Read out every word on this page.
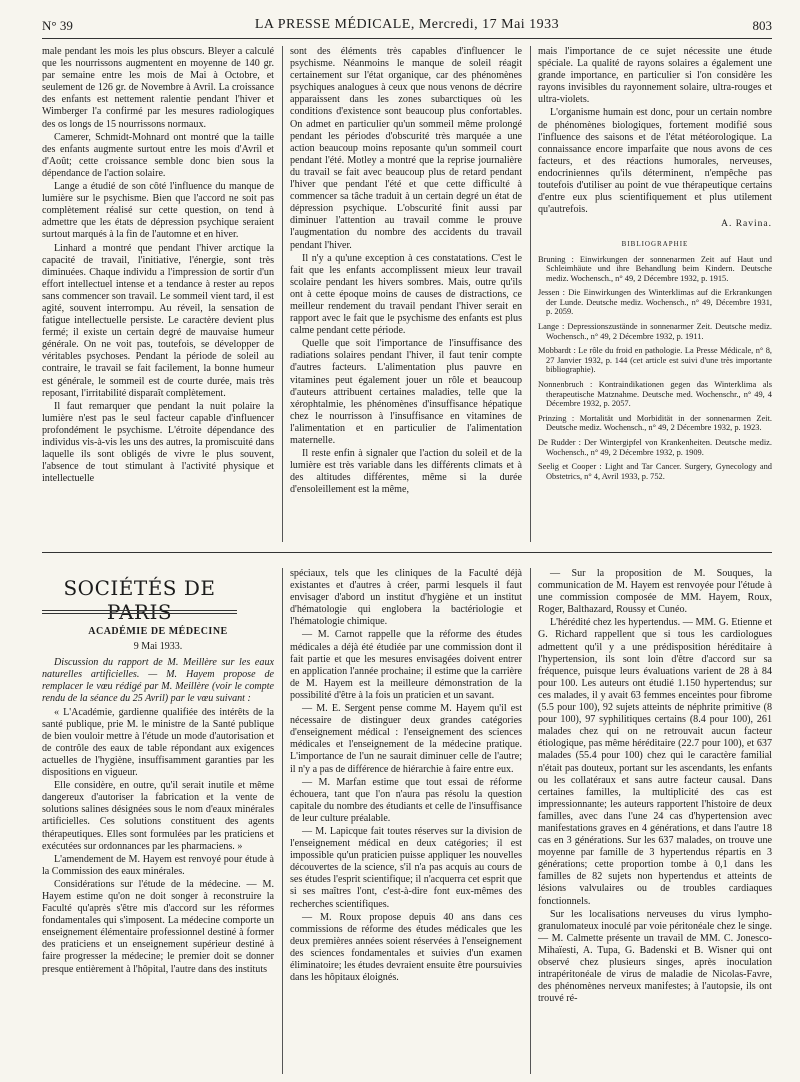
N° 39	LA PRESSE MÉDICALE, Mercredi, 17 Mai 1933	803

male pendant les mois les plus obscurs. Bleyer a calculé que les nourrissons augmentent en moyenne de 140 gr. par semaine entre les mois de Mai à Octobre, et seulement de 126 gr. de Novembre à Avril. La croissance des enfants est nettement ralentie pendant l'hiver et Wimberger l'a confirmé par les mesures radiologiques des os longs de 15 nourrissons normaux.

Camerer, Schmidt-Mohnard ont montré que la taille des enfants augmente surtout entre les mois d'Avril et d'Août; cette croissance semble donc bien sous la dépendance de l'action solaire.

Lange a étudié de son côté l'influence du manque de lumière sur le psychisme. Bien que l'accord ne soit pas complètement réalisé sur cette question, on tend à admettre que les états de dépression psychique seraient surtout marqués à la fin de l'automne et en hiver.

Linhard a montré que pendant l'hiver arctique la capacité de travail, l'initiative, l'énergie, sont très diminuées. Chaque individu a l'impression de sortir d'un effort intellectuel intense et a tendance à rester au repos sans commencer son travail. Le sommeil vient tard, il est agité, souvent interrompu. Au réveil, la sensation de fatigue intellectuelle persiste. Le caractère devient plus fermé; il existe un certain degré de mauvaise humeur générale. On ne voit pas, toutefois, se développer de véritables psychoses. Pendant la période de soleil au contraire, le travail se fait facilement, la bonne humeur est générale, le sommeil est de courte durée, mais très reposant, l'irritabilité disparaît complètement.

Il faut remarquer que pendant la nuit polaire la lumière n'est pas le seul facteur capable d'influencer profondément le psychisme. L'étroite dépendance des individus vis-à-vis les uns des autres, la promiscuité dans laquelle ils sont obligés de vivre le plus souvent, l'absence de tout stimulant à l'activité physique et intellectuelle

sont des éléments très capables d'influencer le psychisme. Néanmoins le manque de soleil réagit certainement sur l'état organique, car des phénomènes psychiques analogues à ceux que nous venons de décrire apparaissent dans les zones subarctiques où les conditions d'existence sont beaucoup plus confortables. On admet en particulier qu'un sommeil même prolongé pendant les périodes d'obscurité très marquée a une action beaucoup moins reposante qu'un sommeil court pendant l'été. Motley a montré que la reprise journalière du travail se fait avec beaucoup plus de retard pendant l'hiver que pendant l'été et que cette difficulté à commencer sa tâche traduit à un certain degré un état de dépression psychique. L'obscurité finit aussi par diminuer l'attention au travail comme le prouve l'augmentation du nombre des accidents du travail pendant l'hiver.

Il n'y a qu'une exception à ces constatations. C'est le fait que les enfants accomplissent mieux leur travail scolaire pendant les hivers sombres. Mais, outre qu'ils ont à cette époque moins de causes de distractions, ce meilleur rendement du travail pendant l'hiver serait en rapport avec le fait que le psychisme des enfants est plus calme pendant cette période.

Quelle que soit l'importance de l'insuffisance des radiations solaires pendant l'hiver, il faut tenir compte d'autres facteurs. L'alimentation plus pauvre en vitamines peut également jouer un rôle et beaucoup d'auteurs attribuent certaines maladies, telle que la xérophtalmie, les phénomènes d'insuffisance hépatique chez le nourrisson à l'insuffisance en vitamines de l'alimentation et en particulier de l'alimentation maternelle.

Il reste enfin à signaler que l'action du soleil et de la lumière est très variable dans les différents climats et à des altitudes différentes, même si la durée d'ensoleillement est la même,

mais l'importance de ce sujet nécessite une étude spéciale. La qualité de rayons solaires a également une grande importance, en particulier si l'on considère les rayons invisibles du rayonnement solaire, ultra-rouges et ultra-violets.

L'organisme humain est donc, pour un certain nombre de phénomènes biologiques, fortement modifié sous l'influence des saisons et de l'état météorologique. La connaissance encore imparfaite que nous avons de ces facteurs, et des réactions humorales, nerveuses, endocriniennes qu'ils déterminent, n'empêche pas toutefois d'utiliser au point de vue thérapeutique certains d'entre eux plus scientifiquement et plus utilement qu'autrefois.

A. Ravina.

BIBLIOGRAPHIE
Bruning : Einwirkungen der sonnenarmen Zeit auf Haut und Schleimhäute und ihre Behandlung beim Kindern. Deutsche mediz. Wochensch., n° 49, 2 Décembre 1932, p. 1915.
Jessen : Die Einwirkungen des Winterklimas auf die Erkrankungen der Lunde. Deutsche mediz. Wochensch., n° 49, Décembre 1931, p. 2059.
Lange : Depressionszustände in sonnenarmer Zeit. Deutsche mediz. Wochensch., n° 49, 2 Décembre 1932, p. 1911.
Mobbardt : Le rôle du froid en pathologie. La Presse Médicale, n° 8, 27 Janvier 1932, p. 144 (cet article est suivi d'une très importante bibliographie).
Nonnenbruch : Kontraindikationen gegen das Winterklima als therapeutische Matznahme. Deutsche med. Wochenschr., n° 49, 4 Décembre 1932, p. 2057.
Prinzing : Mortalität und Morbidität in der sonnenarmen Zeit. Deutsche mediz. Wochensch., n° 49, 2 Décembre 1932, p. 1923.
De Rudder : Der Wintergipfel von Krankenheiten. Deutsche mediz. Wochensch., n° 49, 2 Décembre 1932, p. 1909.
Seelig et Cooper : Light and Tar Cancer. Surgery, Gynecology and Obstetrics, n° 4, Avril 1933, p. 752.
SOCIÉTÉS DE PARIS
ACADÉMIE DE MÉDECINE
9 Mai 1933.

Discussion du rapport de M. Meillère sur les eaux naturelles artificielles. — M. Hayem propose de remplacer le vœu rédigé par M. Meillère (voir le compte rendu de la séance du 25 Avril) par le vœu suivant :

« L'Académie, gardienne qualifiée des intérêts de la santé publique, prie M. le ministre de la Santé publique de bien vouloir mettre à l'étude un mode d'autorisation et de contrôle des eaux de table répondant aux exigences actuelles de l'hygiène, insuffisamment garanties par les dispositions en vigueur.

Elle considère, en outre, qu'il serait inutile et même dangereux d'autoriser la fabrication et la vente de solutions salines désignées sous le nom d'eaux minérales artificielles. Ces solutions constituent des agents thérapeutiques. Elles sont formulées par les praticiens et exécutées sur ordonnances par les pharmaciens. »

L'amendement de M. Hayem est renvoyé pour étude à la Commission des eaux minérales.

Considérations sur l'étude de la médecine. — M. Hayem estime qu'on ne doit songer à reconstruire la Faculté qu'après s'être mis d'accord sur les réformes fondamentales qui s'imposent. La médecine comporte un enseignement élémentaire professionnel destiné à former des praticiens et un enseignement supérieur destiné à faire progresser la médecine; le premier doit se donner presque entièrement à l'hôpital, l'autre dans des instituts

spéciaux, tels que les cliniques de la Faculté déjà existantes et d'autres à créer, parmi lesquels il faut envisager d'abord un institut d'hygiène et un institut d'hématologie qui englobera la bactériologie et l'hématologie chimique.

— M. Carnot rappelle que la réforme des études médicales a déjà été étudiée par une commission dont il fait partie et que les mesures envisagées doivent entrer en application l'année prochaine; il estime que la carrière de M. Hayem est la meilleure démonstration de la possibilité d'être à la fois un praticien et un savant.

— M. E. Sergent pense comme M. Hayem qu'il est nécessaire de distinguer deux grandes catégories d'enseignement médical : l'enseignement des sciences médicales et l'enseignement de la médecine pratique. L'importance de l'un ne saurait diminuer celle de l'autre; il n'y a pas de différence de hiérarchie à faire entre eux.

— M. Marfan estime que tout essai de réforme échouera, tant que l'on n'aura pas résolu la question capitale du nombre des étudiants et celle de l'insuffisance de leur culture préalable.

— M. Lapicque fait toutes réserves sur la division de l'enseignement médical en deux catégories; il est impossible qu'un praticien puisse appliquer les nouvelles découvertes de la science, s'il n'a pas acquis au cours de ses études l'esprit scientifique; il n'acquerra cet esprit que si ses maîtres l'ont, c'est-à-dire font eux-mêmes des recherches scientifiques.

— M. Roux propose depuis 40 ans dans ces commissions de réforme des études médicales que les deux premières années soient réservées à l'enseignement des sciences fondamentales et suivies d'un examen éliminatoire; les études devraient ensuite être poursuivies dans les hôpitaux éloignés.

— Sur la proposition de M. Souques, la communication de M. Hayem est renvoyée pour l'étude à une commission composée de MM. Hayem, Roux, Roger, Balthazard, Roussy et Cunéo.

L'hérédité chez les hypertendus. — MM. G. Etienne et G. Richard rappellent que si tous les cardiologues admettent qu'il y a une prédisposition héréditaire à l'hypertension, ils sont loin d'être d'accord sur sa fréquence, puisque leurs évaluations varient de 28 à 84 pour 100. Les auteurs ont étudié 1.150 hypertendus; sur ces malades, il y avait 63 femmes enceintes pour fibrome (5.5 pour 100), 92 sujets atteints de néphrite primitive (8 pour 100), 97 syphilitiques certains (8.4 pour 100), 261 malades chez qui on ne retrouvait aucun facteur étiologique, pas même héréditaire (22.7 pour 100), et 637 malades (55.4 pour 100) chez qui le caractère familial n'était pas douteux, portant sur les ascendants, les enfants ou les collatéraux et sans autre facteur causal. Dans certaines familles, la multiplicité des cas est impressionnante; les auteurs rapportent l'histoire de deux familles, avec dans l'une 24 cas d'hypertension avec manifestations graves en 4 générations, et dans l'autre 18 cas en 3 générations. Sur les 637 malades, on trouve une moyenne par famille de 3 hypertendus répartis en 3 générations; cette proportion tombe à 0,1 dans les familles de 82 sujets non hypertendus et atteints de lésions valvulaires ou de troubles cardiaques fonctionnels.

Sur les localisations nerveuses du virus lympho-granulomateux inoculé par voie péritonéale chez le singe. — M. Calmette présente un travail de MM. C. Jonesco-Mihaïesti, A. Tupa, G. Badenski et B. Wisner qui ont observé chez plusieurs singes, après inoculation intrapéritonéale de virus de maladie de Nicolas-Favre, des phénomènes nerveux manifestes; à l'autopsie, ils ont trouvé ré-
